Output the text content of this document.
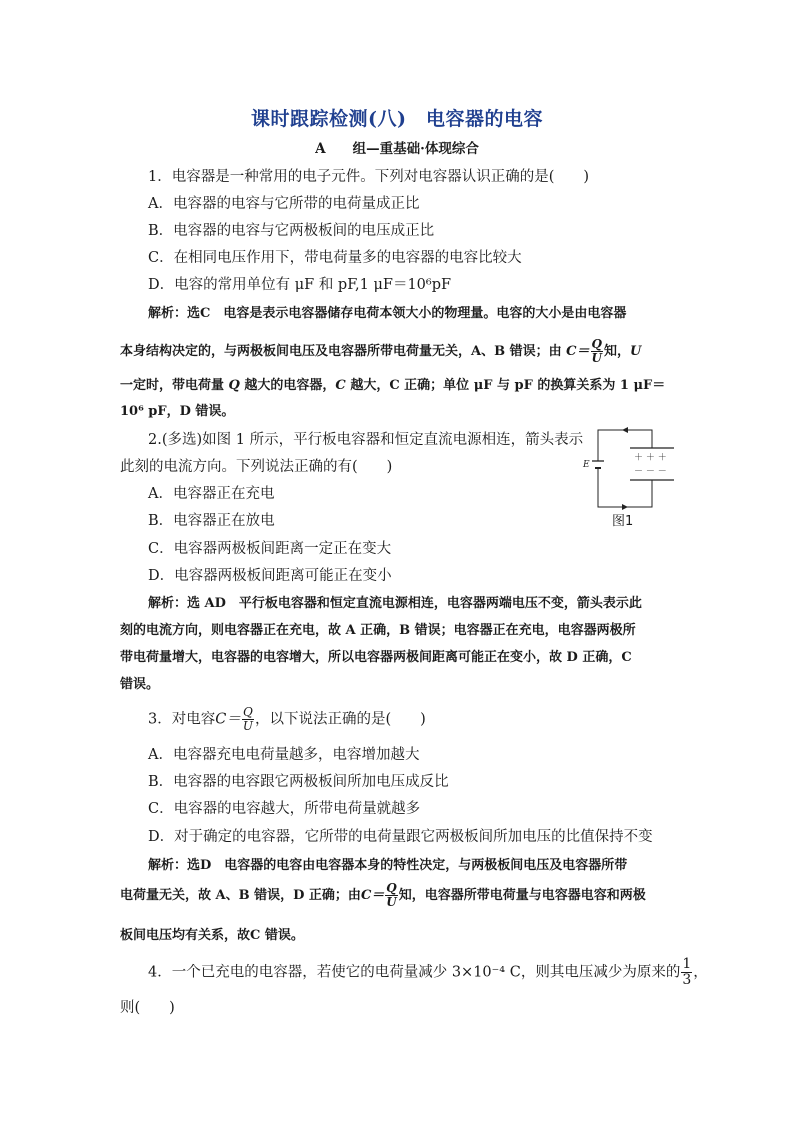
课时跟踪检测(八)　电容器的电容
A　　组—重基础·体现综合
1．电容器是一种常用的电子元件。下列对电容器认识正确的是(　　)
A．电容器的电容与它所带的电荷量成正比
B．电容器的电容与它两极板间的电压成正比
C．在相同电压作用下，带电荷量多的电容器的电容比较大
D．电容的常用单位有 μF 和 pF,1 μF＝10⁶pF
解析：选C　电容是表示电容器储存电荷本领大小的物理量。电容的大小是由电容器
本身结构决定的，与两极板间电压及电容器所带电荷量无关，A、B 错误；由 $C= \frac{Q}{U}$ 知，U
一定时，带电荷量 Q 越大的电容器，C 越大，C 正确；单位 μF 与 pF 的换算关系为 1 μF＝
10⁶ pF，D 错误。
2.(多选)如图 1 所示，平行板电容器和恒定直流电源相连，箭头表示
此刻的电流方向。下列说法正确的有(　　)
A．电容器正在充电
B．电容器正在放电
C．电容器两极板间距离一定正在变大
D．电容器两极板间距离可能正在变小
E
＋ ＋ ＋
－ － －
图1
解析：选 AD　平行板电容器和恒定直流电源相连，电容器两端电压不变，箭头表示此
刻的电流方向，则电容器正在充电，故 A 正确，B 错误；电容器正在充电，电容器两极所
带电荷量增大，电容器的电容增大，所以电容器两极间距离可能正在变小，故 D 正确，C
错误。
3．对电容$C= \frac{Q}{U}$ ，以下说法正确的是(　　)
A．电容器充电电荷量越多，电容增加越大
B．电容器的电容跟它两极板间所加电压成反比
C．电容器的电容越大，所带电荷量就越多
D．对于确定的电容器，它所带的电荷量跟它两极板间所加电压的比值保持不变
解析：选D　电容器的电容由电容器本身的特性决定，与两极板间电压及电容器所带
电荷量无关，故 A、B 错误，D 正确；由$C= \frac{Q}{U}$ 知，电容器所带电荷量与电容器电容和两极
板间电压均有关系，故C 错误。
4．一个已充电的电容器，若使它的电荷量减少 3×10⁻⁴ C，则其电压减少为原来的 $\frac{1}{3}$ ，
则(　　)
